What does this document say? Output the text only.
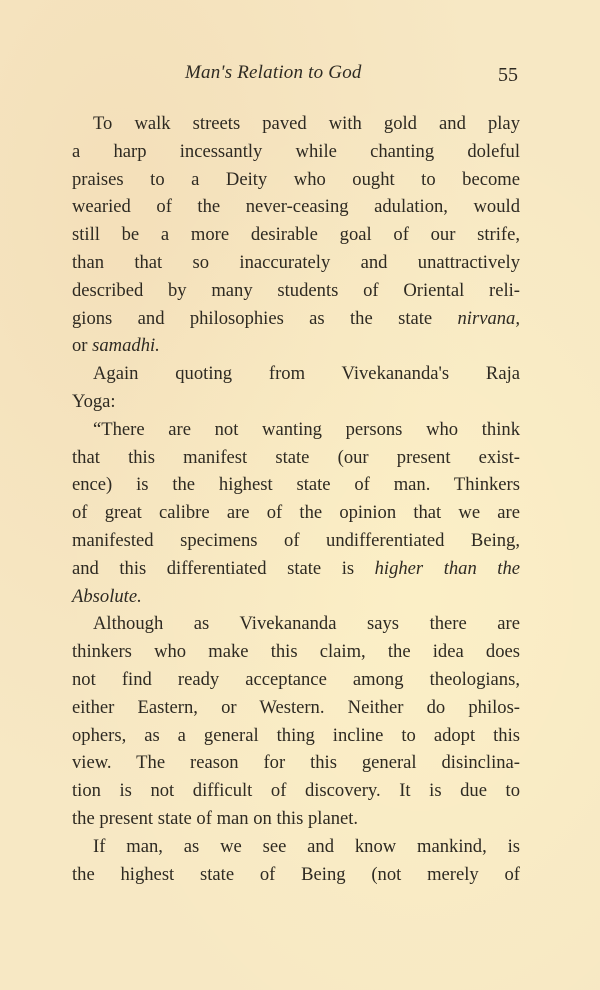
Man's Relation to God	55
To walk streets paved with gold and play
a harp incessantly while chanting doleful
praises to a Deity who ought to become
wearied of the never-ceasing adulation, would
still be a more desirable goal of our strife,
than that so inaccurately and unattractively
described by many students of Oriental reli-
gions and philosophies as the state nirvana,
or samadhi.
Again quoting from Vivekananda's Raja
Yoga:
“There are not wanting persons who think
that this manifest state (our present exist-
ence) is the highest state of man. Thinkers
of great calibre are of the opinion that we are
manifested specimens of undifferentiated Being,
and this differentiated state is higher than the
Absolute.
Although as Vivekananda says there are
thinkers who make this claim, the idea does
not find ready acceptance among theologians,
either Eastern, or Western. Neither do philos-
ophers, as a general thing incline to adopt this
view. The reason for this general disinclina-
tion is not difficult of discovery. It is due to
the present state of man on this planet.
If man, as we see and know mankind, is
the highest state of Being (not merely of
